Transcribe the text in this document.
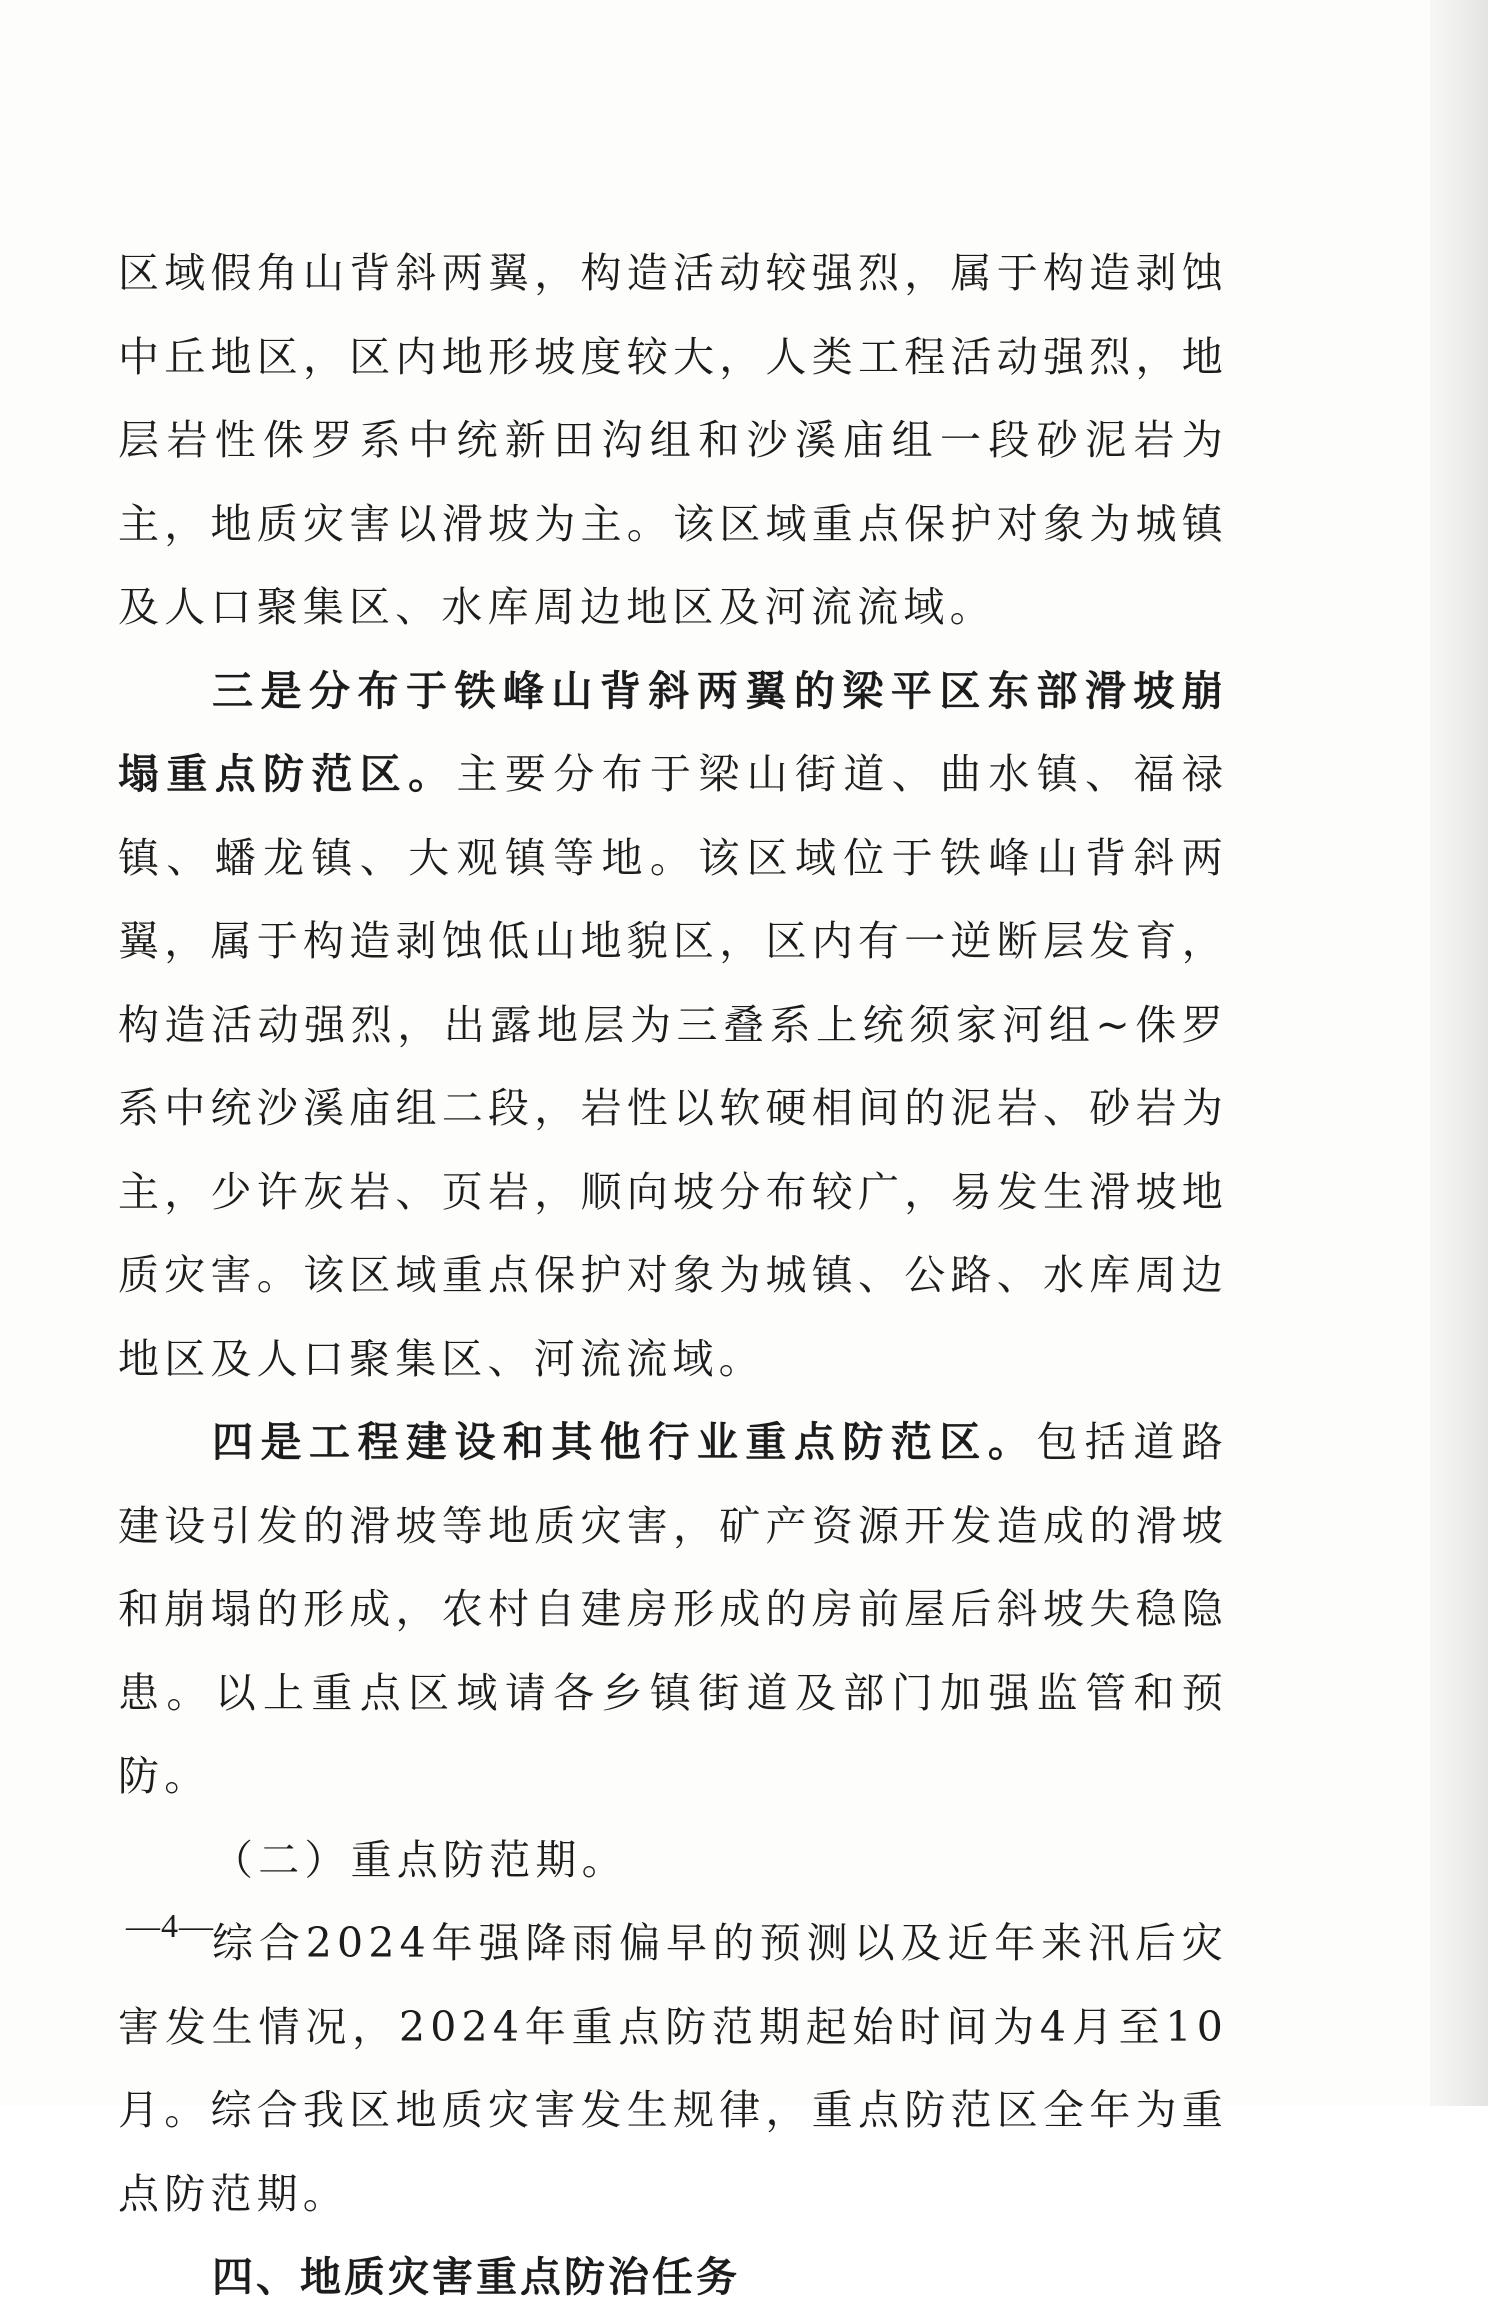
区域假角山背斜两翼，构造活动较强烈，属于构造剥蚀中丘地区，区内地形坡度较大，人类工程活动强烈，地层岩性侏罗系中统新田沟组和沙溪庙组一段砂泥岩为主，地质灾害以滑坡为主。该区域重点保护对象为城镇及人口聚集区、水库周边地区及河流流域。

三是分布于铁峰山背斜两翼的梁平区东部滑坡崩塌重点防范区。主要分布于梁山街道、曲水镇、福禄镇、蟠龙镇、大观镇等地。该区域位于铁峰山背斜两翼，属于构造剥蚀低山地貌区，区内有一逆断层发育，构造活动强烈，出露地层为三叠系上统须家河组~侏罗系中统沙溪庙组二段，岩性以软硬相间的泥岩、砂岩为主，少许灰岩、页岩，顺向坡分布较广，易发生滑坡地质灾害。该区域重点保护对象为城镇、公路、水库周边地区及人口聚集区、河流流域。

四是工程建设和其他行业重点防范区。包括道路建设引发的滑坡等地质灾害，矿产资源开发造成的滑坡和崩塌的形成，农村自建房形成的房前屋后斜坡失稳隐患。以上重点区域请各乡镇街道及部门加强监管和预防。

（二）重点防范期。

综合2024年强降雨偏早的预测以及近年来汛后灾害发生情况，2024年重点防范期起始时间为4月至10月。综合我区地质灾害发生规律，重点防范区全年为重点防范期。

四、地质灾害重点防治任务

—4—
